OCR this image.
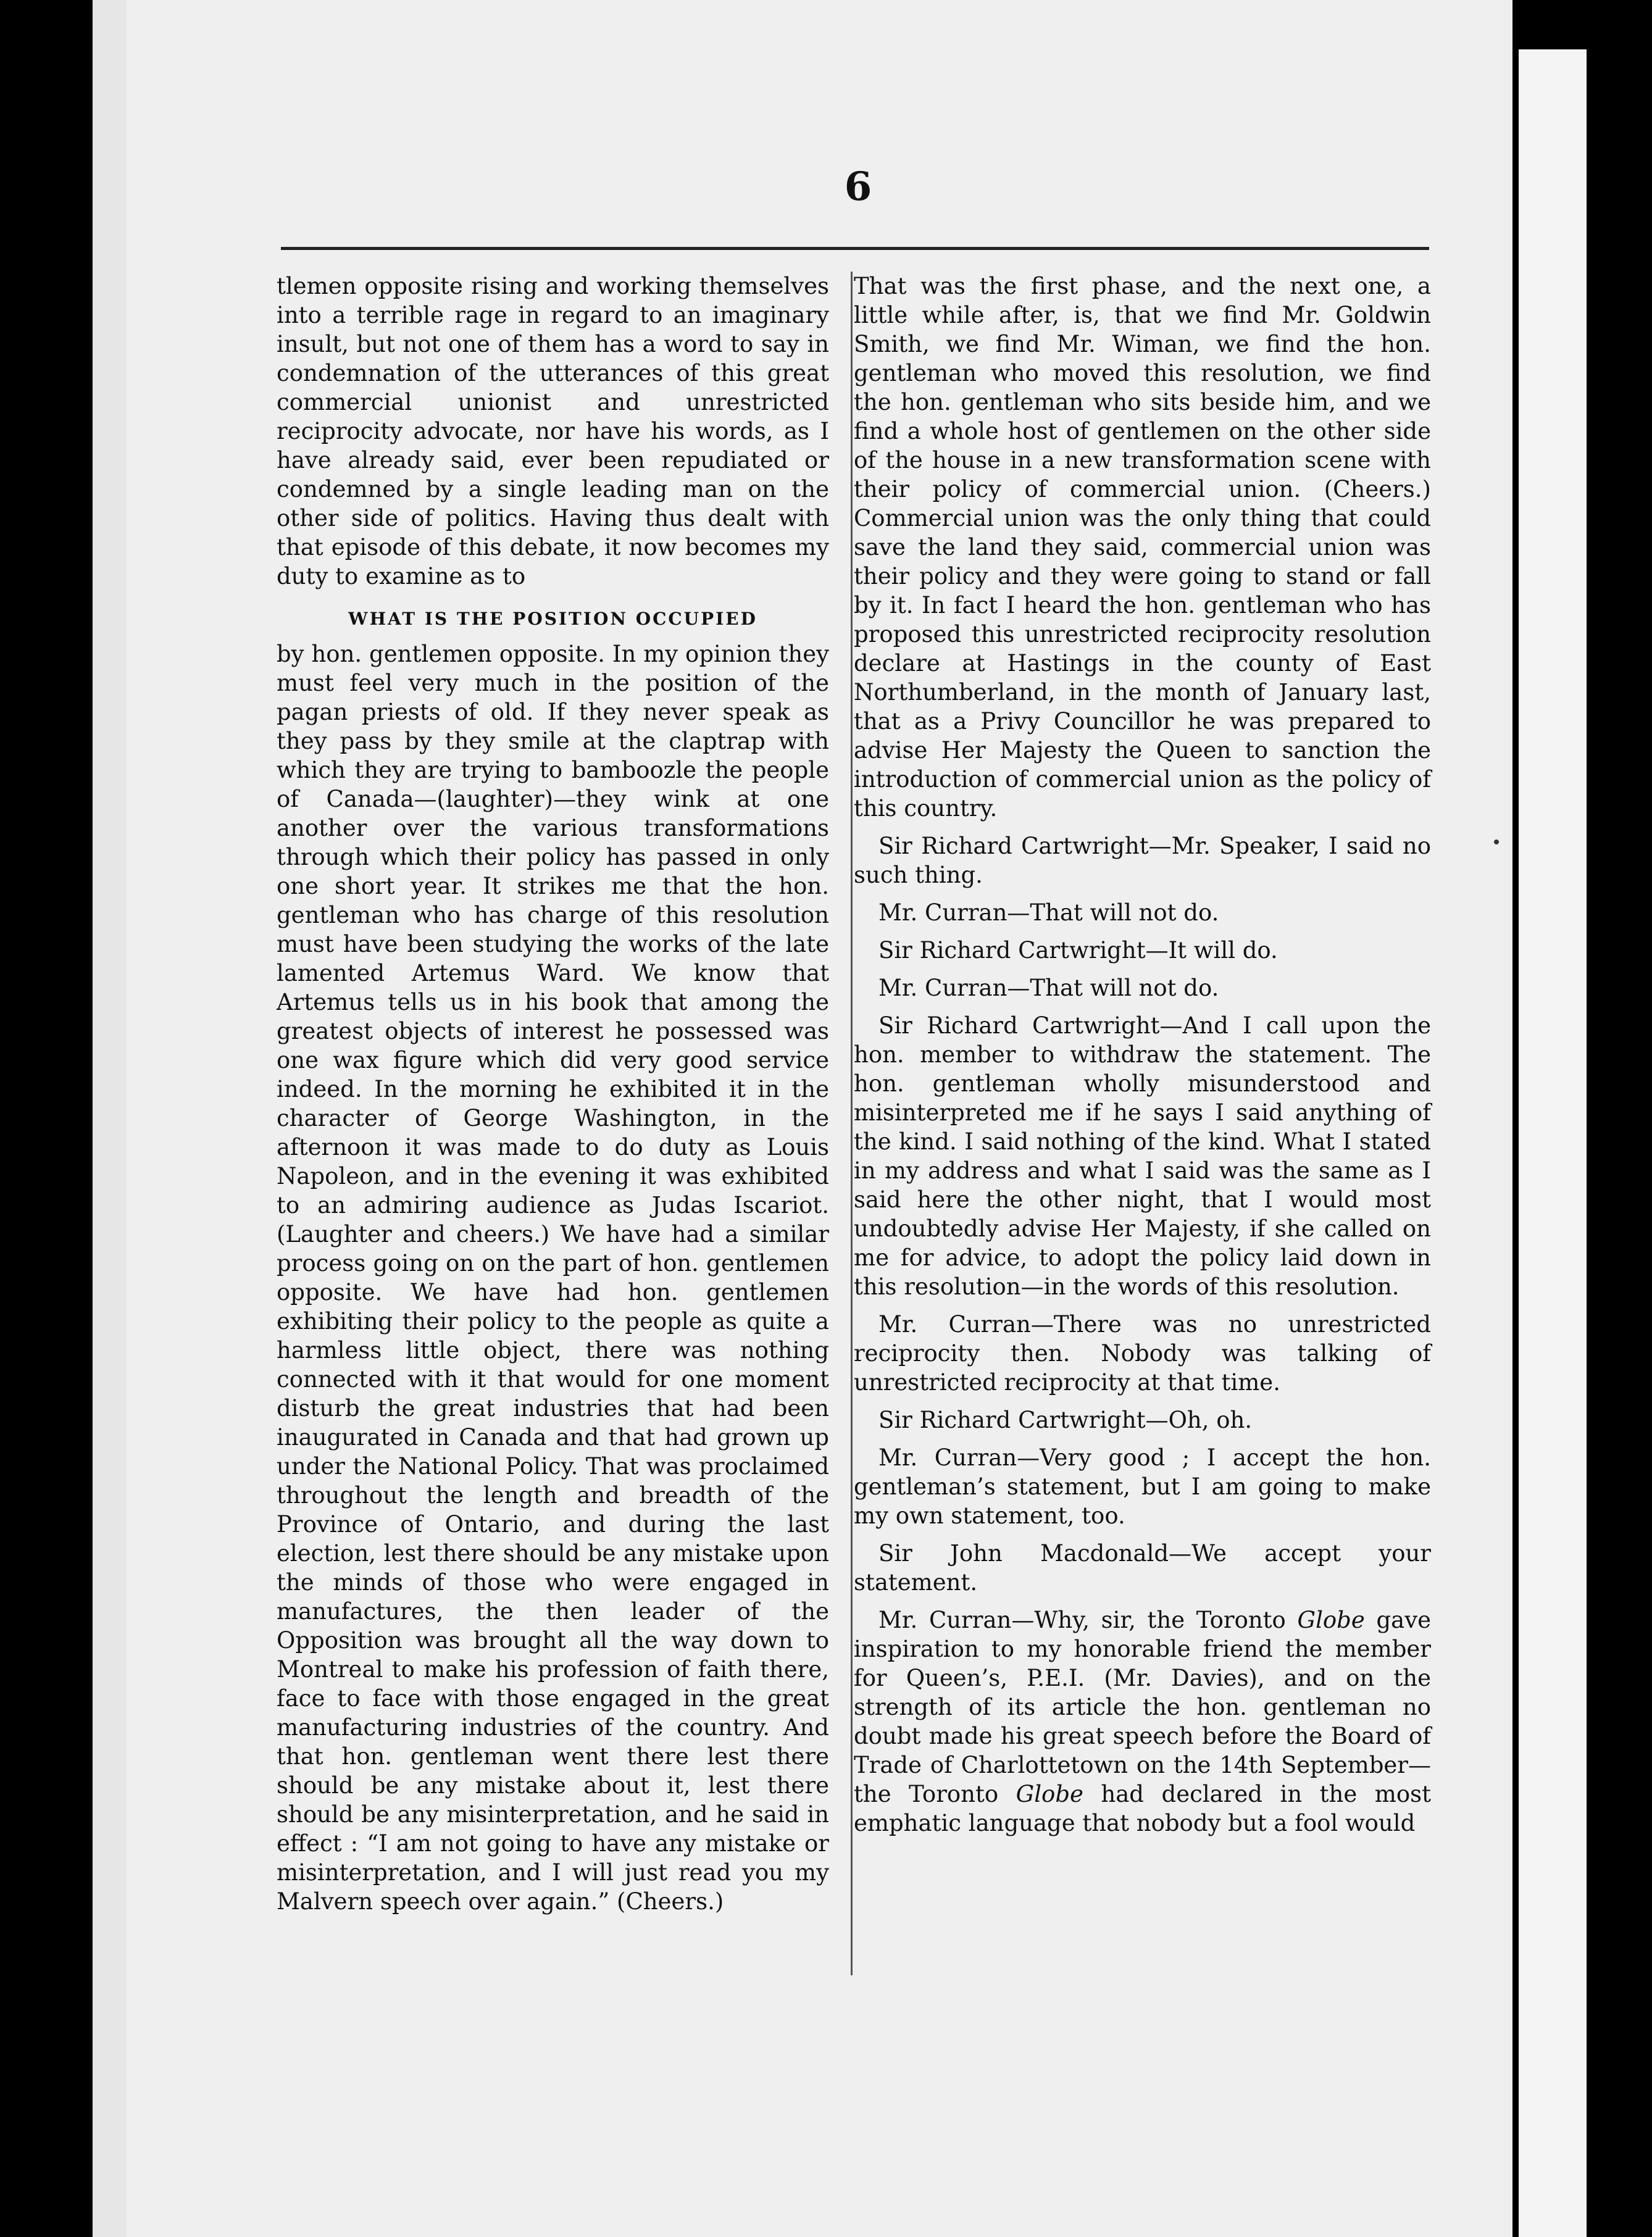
6

tlemen opposite rising and working themselves into a terrible rage in regard to an imaginary insult, but not one of them has a word to say in condemnation of the utterances of this great commercial unionist and unrestricted reciprocity advocate, nor have his words, as I have already said, ever been repudiated or condemned by a single leading man on the other side of politics. Having thus dealt with that episode of this debate, it now becomes my duty to examine as to

WHAT IS THE POSITION OCCUPIED

by hon. gentlemen opposite. In my opinion they must feel very much in the position of the pagan priests of old. If they never speak as they pass by they smile at the claptrap with which they are trying to bamboozle the people of Canada—(laughter)—they wink at one another over the various transformations through which their policy has passed in only one short year. It strikes me that the hon. gentleman who has charge of this resolution must have been studying the works of the late lamented Artemus Ward. We know that Artemus tells us in his book that among the greatest objects of interest he possessed was one wax figure which did very good service indeed. In the morning he exhibited it in the character of George Washington, in the afternoon it was made to do duty as Louis Napoleon, and in the evening it was exhibited to an admiring audience as Judas Iscariot. (Laughter and cheers.) We have had a similar process going on on the part of hon. gentlemen opposite. We have had hon. gentlemen exhibiting their policy to the people as quite a harmless little object, there was nothing connected with it that would for one moment disturb the great industries that had been inaugurated in Canada and that had grown up under the National Policy. That was proclaimed throughout the length and breadth of the Province of Ontario, and during the last election, lest there should be any mistake upon the minds of those who were engaged in manufactures, the then leader of the Opposition was brought all the way down to Montreal to make his profession of faith there, face to face with those engaged in the great manufacturing industries of the country. And that hon. gentleman went there lest there should be any mistake about it, lest there should be any misinterpretation, and he said in effect : “I am not going to have any mistake or misinterpretation, and I will just read you my Malvern speech over again.” (Cheers.)

That was the first phase, and the next one, a little while after, is, that we find Mr. Goldwin Smith, we find Mr. Wiman, we find the hon. gentleman who moved this resolution, we find the hon. gentleman who sits beside him, and we find a whole host of gentlemen on the other side of the house in a new transformation scene with their policy of commercial union. (Cheers.) Commercial union was the only thing that could save the land they said, commercial union was their policy and they were going to stand or fall by it. In fact I heard the hon. gentleman who has proposed this unrestricted reciprocity resolution declare at Hastings in the county of East Northumberland, in the month of January last, that as a Privy Councillor he was prepared to advise Her Majesty the Queen to sanction the introduction of commercial union as the policy of this country.

Sir Richard Cartwright—Mr. Speaker, I said no such thing.

Mr. Curran—That will not do.

Sir Richard Cartwright—It will do.

Mr. Curran—That will not do.

Sir Richard Cartwright—And I call upon the hon. member to withdraw the statement. The hon. gentleman wholly misunderstood and misinterpreted me if he says I said anything of the kind. I said nothing of the kind. What I stated in my address and what I said was the same as I said here the other night, that I would most undoubtedly advise Her Majesty, if she called on me for advice, to adopt the policy laid down in this resolution—in the words of this resolution.

Mr. Curran—There was no unrestricted reciprocity then. Nobody was talking of unrestricted reciprocity at that time.

Sir Richard Cartwright—Oh, oh.

Mr. Curran—Very good ; I accept the hon. gentleman’s statement, but I am going to make my own statement, too.

Sir John Macdonald—We accept your statement.

Mr. Curran—Why, sir, the Toronto Globe gave inspiration to my honorable friend the member for Queen’s, P.E.I. (Mr. Davies), and on the strength of its article the hon. gentleman no doubt made his great speech before the Board of Trade of Charlottetown on the 14th September—the Toronto Globe had declared in the most emphatic language that nobody but a fool would
